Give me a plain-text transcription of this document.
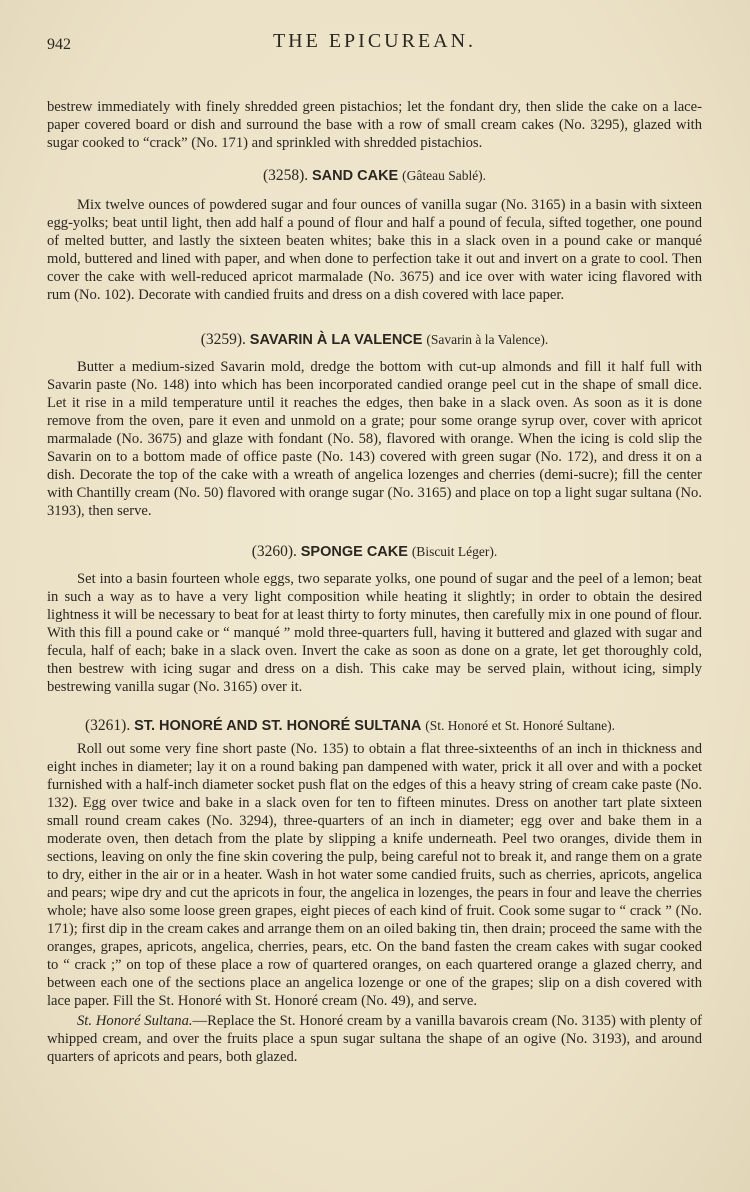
942	THE EPICUREAN.

bestrew immediately with finely shredded green pistachios; let the fondant dry, then slide the cake on a lace-paper covered board or dish and surround the base with a row of small cream cakes (No. 3295), glazed with sugar cooked to “crack” (No. 171) and sprinkled with shredded pistachios.

(3258). SAND CAKE (Gâteau Sablé).

Mix twelve ounces of powdered sugar and four ounces of vanilla sugar (No. 3165) in a basin with sixteen egg-yolks; beat until light, then add half a pound of flour and half a pound of fecula, sifted together, one pound of melted butter, and lastly the sixteen beaten whites; bake this in a slack oven in a pound cake or manqué mold, buttered and lined with paper, and when done to perfection take it out and invert on a grate to cool. Then cover the cake with well-reduced apricot marmalade (No. 3675) and ice over with water icing flavored with rum (No. 102). Decorate with candied fruits and dress on a dish covered with lace paper.

(3259). SAVARIN À LA VALENCE (Savarin à la Valence).

Butter a medium-sized Savarin mold, dredge the bottom with cut-up almonds and fill it half full with Savarin paste (No. 148) into which has been incorporated candied orange peel cut in the shape of small dice. Let it rise in a mild temperature until it reaches the edges, then bake in a slack oven. As soon as it is done remove from the oven, pare it even and unmold on a grate; pour some orange syrup over, cover with apricot marmalade (No. 3675) and glaze with fondant (No. 58), flavored with orange. When the icing is cold slip the Savarin on to a bottom made of office paste (No. 143) covered with green sugar (No. 172), and dress it on a dish. Decorate the top of the cake with a wreath of angelica lozenges and cherries (demi-sucre); fill the center with Chantilly cream (No. 50) flavored with orange sugar (No. 3165) and place on top a light sugar sultana (No. 3193), then serve.

(3260). SPONGE CAKE (Biscuit Léger).

Set into a basin fourteen whole eggs, two separate yolks, one pound of sugar and the peel of a lemon; beat in such a way as to have a very light composition while heating it slightly; in order to obtain the desired lightness it will be necessary to beat for at least thirty to forty minutes, then carefully mix in one pound of flour. With this fill a pound cake or “ manqué ” mold three-quarters full, having it buttered and glazed with sugar and fecula, half of each; bake in a slack oven. Invert the cake as soon as done on a grate, let get thoroughly cold, then bestrew with icing sugar and dress on a dish. This cake may be served plain, without icing, simply bestrewing vanilla sugar (No. 3165) over it.

(3261). ST. HONORÉ AND ST. HONORÉ SULTANA (St. Honoré et St. Honoré Sultane).

Roll out some very fine short paste (No. 135) to obtain a flat three-sixteenths of an inch in thickness and eight inches in diameter; lay it on a round baking pan dampened with water, prick it all over and with a pocket furnished with a half-inch diameter socket push flat on the edges of this a heavy string of cream cake paste (No. 132). Egg over twice and bake in a slack oven for ten to fifteen minutes. Dress on another tart plate sixteen small round cream cakes (No. 3294), three-quarters of an inch in diameter; egg over and bake them in a moderate oven, then detach from the plate by slipping a knife underneath. Peel two oranges, divide them in sections, leaving on only the fine skin covering the pulp, being careful not to break it, and range them on a grate to dry, either in the air or in a heater. Wash in hot water some candied fruits, such as cherries, apricots, angelica and pears; wipe dry and cut the apricots in four, the angelica in lozenges, the pears in four and leave the cherries whole; have also some loose green grapes, eight pieces of each kind of fruit. Cook some sugar to “ crack ” (No. 171); first dip in the cream cakes and arrange them on an oiled baking tin, then drain; proceed the same with the oranges, grapes, apricots, angelica, cherries, pears, etc. On the band fasten the cream cakes with sugar cooked to “ crack ;” on top of these place a row of quartered oranges, on each quartered orange a glazed cherry, and between each one of the sections place an angelica lozenge or one of the grapes; slip on a dish covered with lace paper. Fill the St. Honoré with St. Honoré cream (No. 49), and serve.

St. Honoré Sultana.—Replace the St. Honoré cream by a vanilla bavarois cream (No. 3135) with plenty of whipped cream, and over the fruits place a spun sugar sultana the shape of an ogive (No. 3193), and around quarters of apricots and pears, both glazed.
